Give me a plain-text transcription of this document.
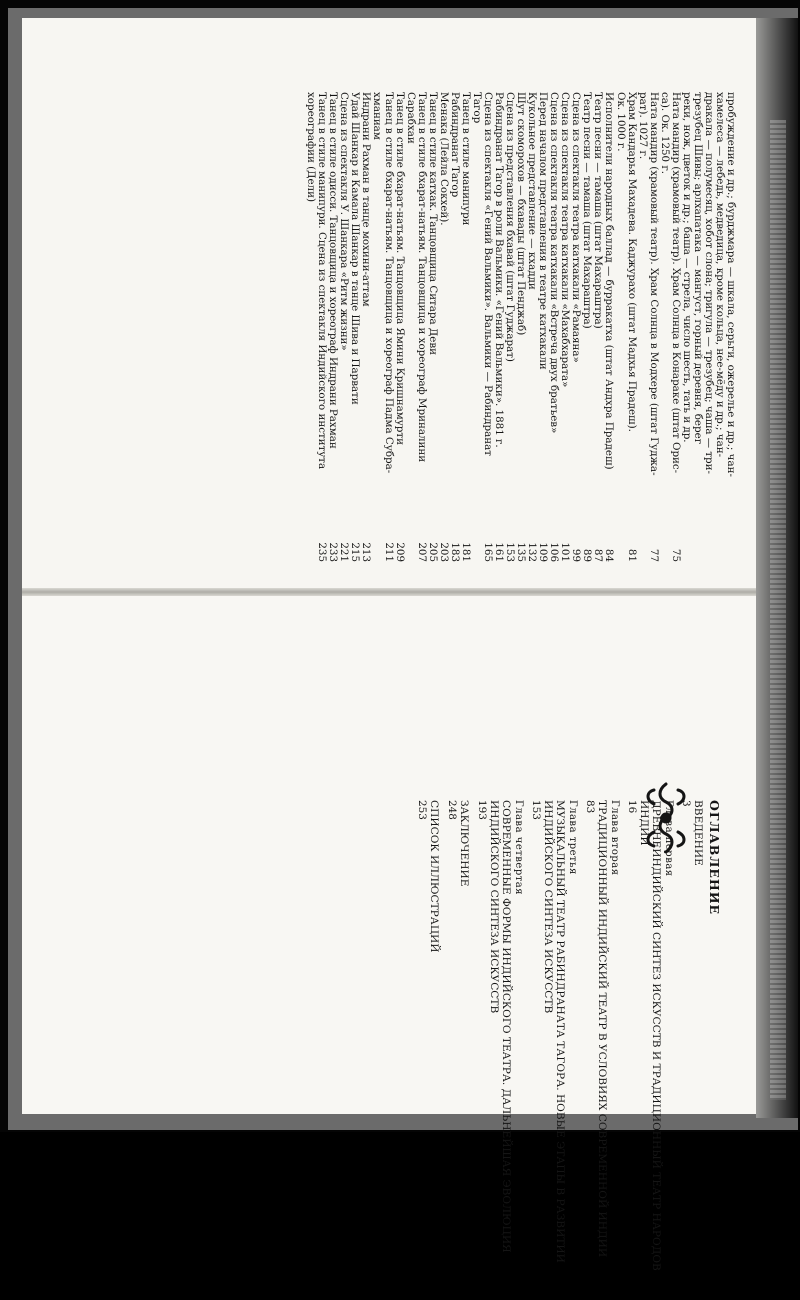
пробуждение и др.; бурджмара — шкала, серьги, ожерелье и др.; чан-
хамелеса — лебедь, медведица, кроме кольца, нее-мёду и др.; чан-
дракала — полумесяц, хобот слона; тригула — трезубец; чаша — три-
трезубец Шивы; арлхапатака — мангуст, горный деревня, берег
реки, нож, цветок и др.; баша — стрела, число шесть, тать и др.
Ната мандир (храмовый театр). Храм Солнца в Конараке (штат Ориc-
75
са). Ок. 1250 г.
Ната мандир (храмовый театр). Храм Солнца в Модхере (штат Гуджа-
77
рат). 1027 г.
Храм Кандарья Махадева. Каджурахо (штат Мадхья Прадеш).
81
Ок. 1000 г.
Исполнители народных баллад — бурракатха (штат Андхра Прадеш)
84
Театр песни — тамаша (штат Махараштра)
87
Театр песни — тамаша (штат Махараштра)
89
Сцена из спектакля театра катхакали «Рамаяна»
99
Сцена из спектакля театра катхакали «Махабхарата»
101
Сцена из спектакля театра катхакали «Встреча двух братьев»
106
Перед началом представления в театре катхакали
109
Кукольное представление — кхадди
132
Шут скоморохов — бхавады (штат Пенджаб)
135
Сцена из представления бхавай (штат Гуджарат)
153
Рабиндранат Тагор в роли Вальмики. «Гений Вальмики». 1881 г.
161
Сцена из спектакля «Гений Вальмики». Вальмики — Рабиндранат
165
Тагор
Танец в стиле манипури
181
Рабиндранат Тагор
183
Менака (Лейла Сокхей).
203
Танец в стиле катхак. Танцовщица Ситара Деви
205
Танец в стиле бхарат-натьям. Танцовщица и хореограф Мриналини
207
Сарабхаи
Танец в стиле бхарат-натьям. Танцовщица Ямини Кришнамурти
209
Танец в стиле бхарат-натьям. Танцовщица и хореограф Падма Субра-
211
хманиам
Индрани Рахман в танце мохини-аттам
213
Удай Шанкар и Камала Шанкар в танце Шива и Парвати
215
Сцена из спектакля У. Шанкара «Ритм жизни»
221
Танец в стиле одисси. Танцовщица и хореограф Индрани Рахман
233
Танец в стиле манипури. Сцена из спектакля Индийского института
235
хореографии (Дели)
ОГЛАВЛЕНИЕ
ВВЕДЕНИЕ
3
Глава первая
ДРЕВНЕИНДИЙСКИЙ СИНТЕЗ ИСКУССТВ И ТРАДИЦИОННЫЙ ТЕАТР НАРОДОВ ИНДИИ
16
Глава вторая
ТРАДИЦИОННЫЙ ИНДИЙСКИЙ ТЕАТР В УСЛОВИЯХ СОВРЕМЕННОЙ ИНДИИ
83
Глава третья
МУЗЫКАЛЬНЫЙ ТЕАТР РАБИНДРАНАТА ТАГОРА. НОВЫЕ ЭТАПЫ В РАЗВИТИИ ИНДИЙСКОГО СИНТЕЗА ИСКУССТВ
153
Глава четвертая
СОВРЕМЕННЫЕ ФОРМЫ ИНДИЙСКОГО ТЕАТРА. ДАЛЬНЕЙШАЯ ЭВОЛЮЦИЯ ИНДИЙСКОГО СИНТЕЗА ИСКУССТВ
193
ЗАКЛЮЧЕНИЕ
248
СПИСОК ИЛЛЮСТРАЦИЙ
253
